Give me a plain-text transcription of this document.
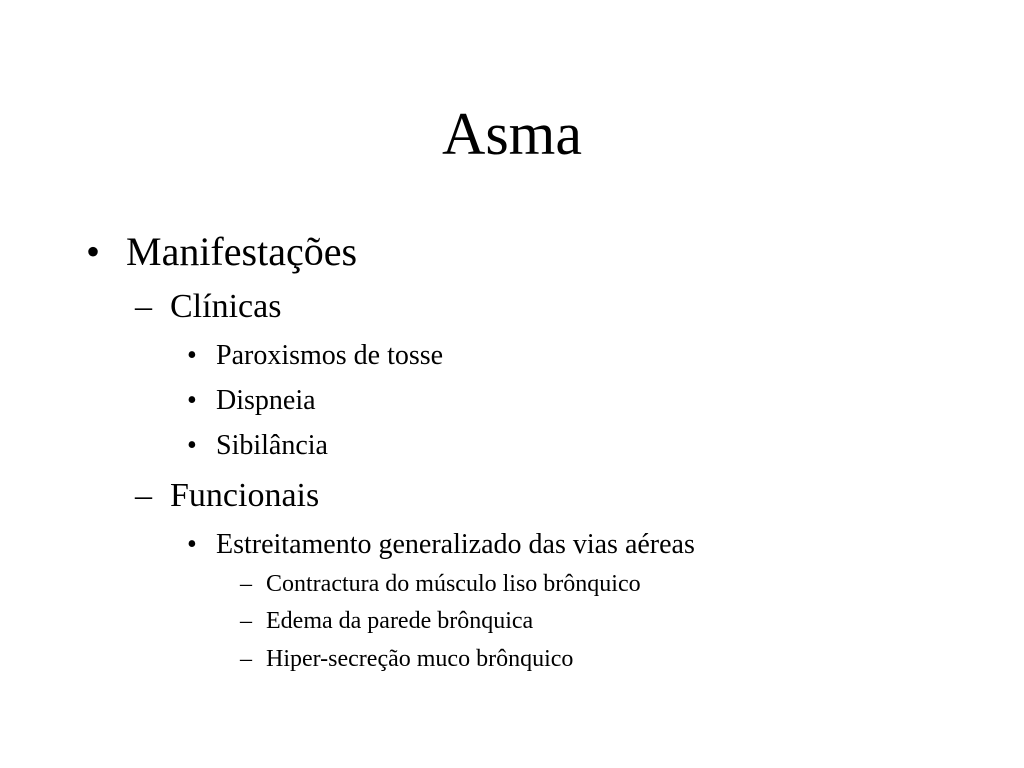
Asma
• Manifestações
– Clínicas
• Paroxismos de tosse
• Dispneia
• Sibilância
– Funcionais
• Estreitamento generalizado das vias aéreas
– Contractura do músculo liso brônquico
– Edema da parede brônquica
– Hiper-secreção muco brônquico
